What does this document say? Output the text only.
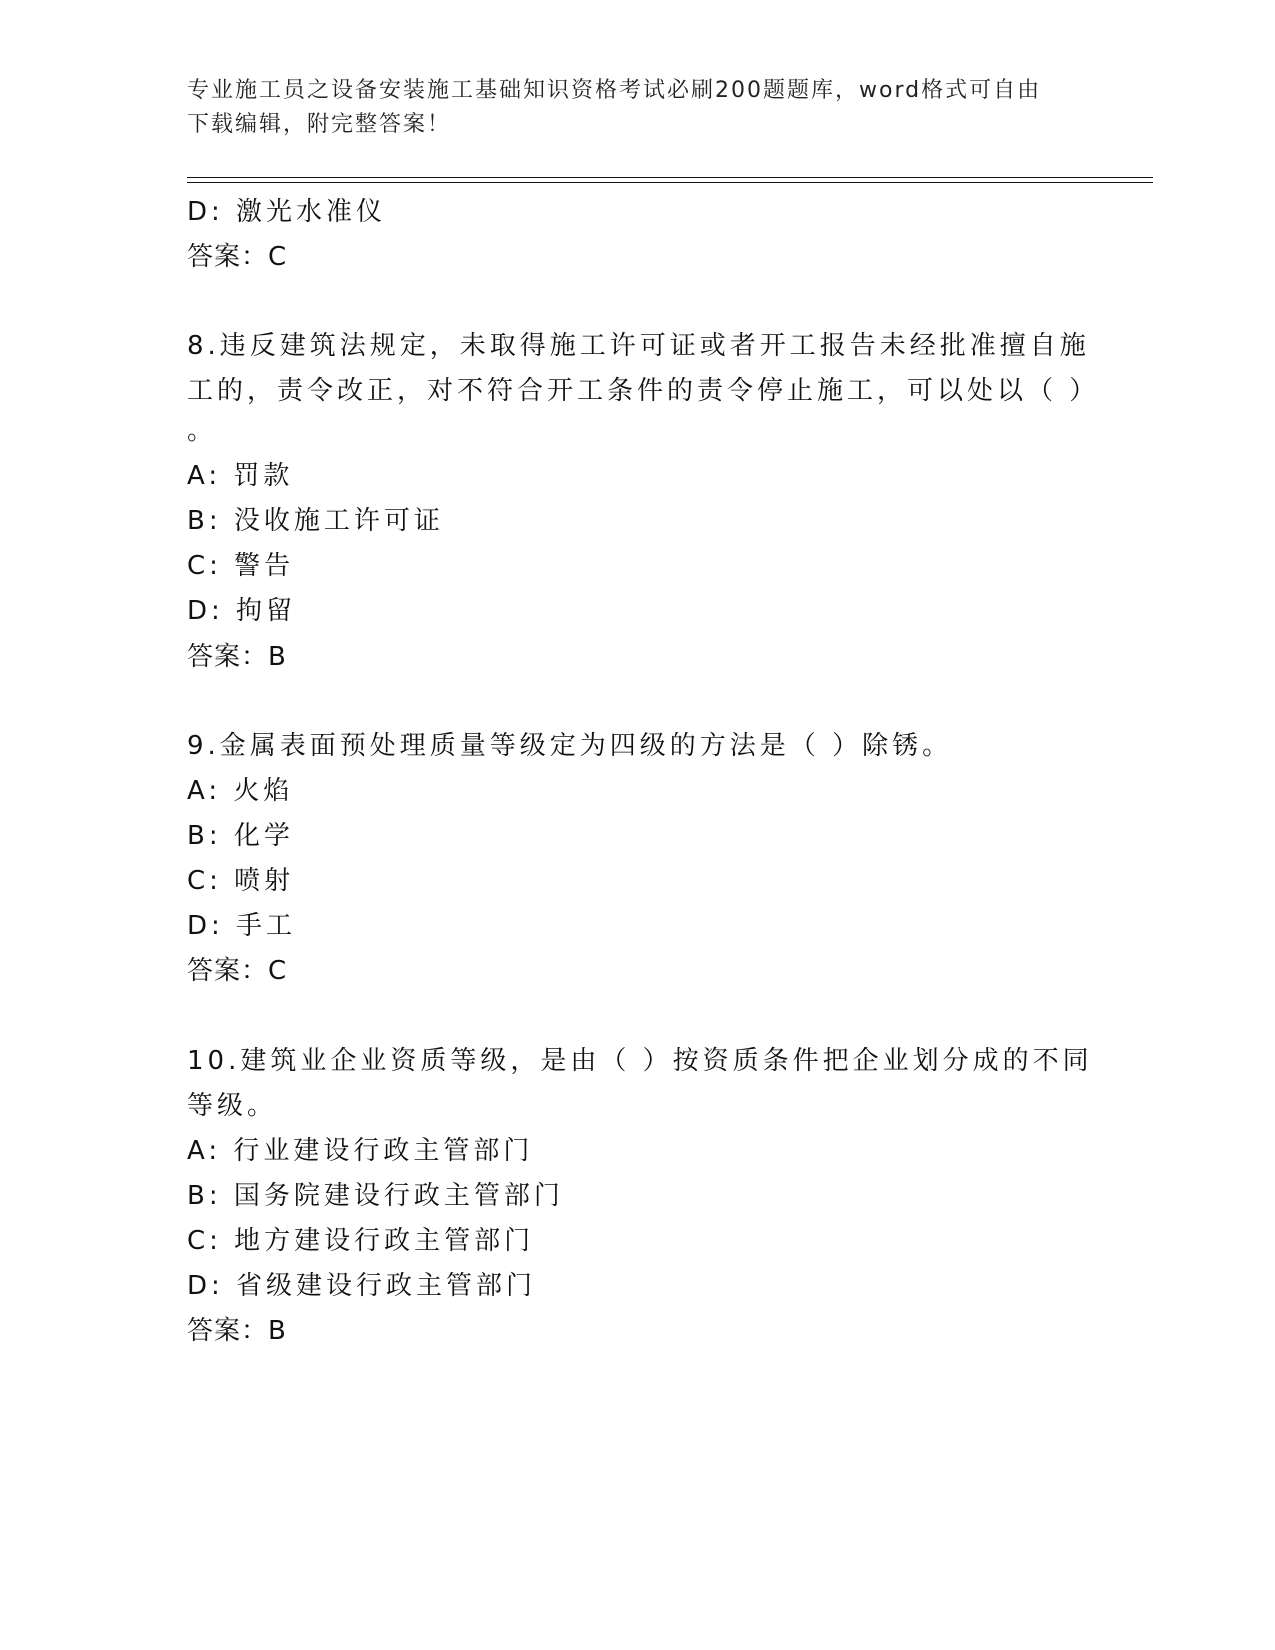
专业施工员之设备安装施工基础知识资格考试必刷200题题库，word格式可自由
下载编辑，附完整答案！
D: 激光水准仪
答案：C
8.违反建筑法规定，未取得施工许可证或者开工报告未经批准擅自施
工的，责令改正，对不符合开工条件的责令停止施工，可以处以（ ）
。
A: 罚款
B: 没收施工许可证
C: 警告
D: 拘留
答案：B
9.金属表面预处理质量等级定为四级的方法是（ ）除锈。
A: 火焰
B: 化学
C: 喷射
D: 手工
答案：C
10.建筑业企业资质等级，是由（ ）按资质条件把企业划分成的不同
等级。
A: 行业建设行政主管部门
B: 国务院建设行政主管部门
C: 地方建设行政主管部门
D: 省级建设行政主管部门
答案：B
